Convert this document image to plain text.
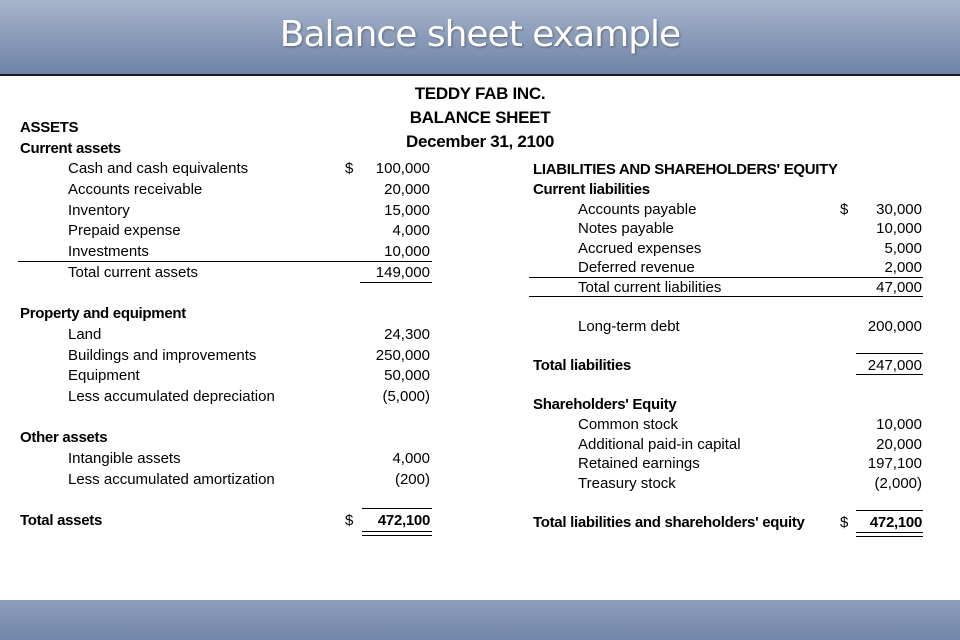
Balance sheet example
TEDDY FAB INC.
BALANCE SHEET
December 31, 2100
ASSETS
Current assets
Cash and cash equivalents	$	100,000
Accounts receivable	20,000
Inventory	15,000
Prepaid expense	4,000
Investments	10,000
Total current assets	149,000
Property and equipment
Land	24,300
Buildings and improvements	250,000
Equipment	50,000
Less accumulated depreciation	(5,000)
Other assets
Intangible assets	4,000
Less accumulated amortization	(200)
Total assets	$	472,100
LIABILITIES AND SHAREHOLDERS' EQUITY
Current liabilities
Accounts payable	$	30,000
Notes payable	10,000
Accrued expenses	5,000
Deferred revenue	2,000
Total current liabilities	47,000
Long-term debt	200,000
Total liabilities	247,000
Shareholders' Equity
Common stock	10,000
Additional paid-in capital	20,000
Retained earnings	197,100
Treasury stock	(2,000)
Total liabilities and shareholders' equity $	472,100
